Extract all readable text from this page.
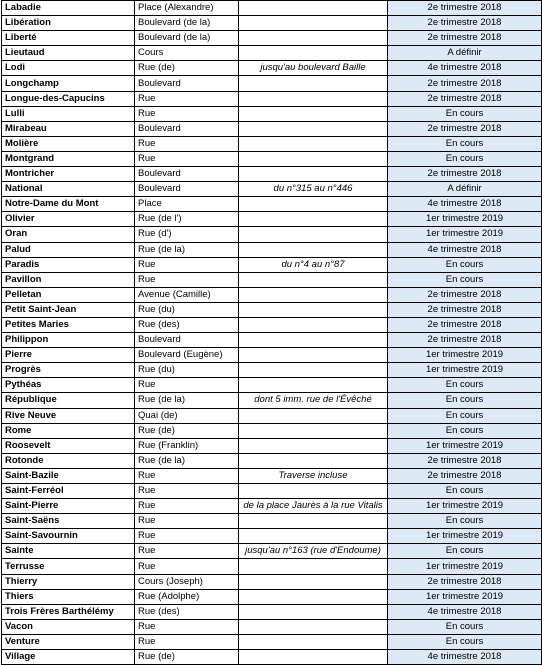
Labadie	Place (Alexandre)		2e trimestre 2018
Libération	Boulevard (de la)		2e trimestre 2018
Liberté	Boulevard (de la)		2e trimestre 2018
Lieutaud	Cours		A définir
Lodi	Rue (de)	jusqu'au boulevard Baille	4e trimestre 2018
Longchamp	Boulevard		2e trimestre 2018
Longue-des-Capucins	Rue		2e trimestre 2018
Lulli	Rue		En cours
Mirabeau	Boulevard		2e trimestre 2018
Molière	Rue		En cours
Montgrand	Rue		En cours
Montricher	Boulevard		2e trimestre 2018
National	Boulevard	du n°315 au n°446	A définir
Notre-Dame du Mont	Place		4e trimestre 2018
Olivier	Rue (de l')		1er trimestre 2019
Oran	Rue (d')		1er trimestre 2019
Palud	Rue (de la)		4e trimestre 2018
Paradis	Rue	du n°4 au n°87	En cours
Pavillon	Rue		En cours
Pelletan	Avenue (Camille)		2e trimestre 2018
Petit Saint-Jean	Rue (du)		2e trimestre 2018
Petites Maries	Rue (des)		2e trimestre 2018
Philippon	Boulevard		2e trimestre 2018
Pierre	Boulevard (Eugène)		1er trimestre 2019
Progrès	Rue (du)		1er trimestre 2019
Pythéas	Rue		En cours
République	Rue (de la)	dont 5 imm. rue de l'Évêché	En cours
Rive Neuve	Quai (de)		En cours
Rome	Rue (de)		En cours
Roosevelt	Rue (Franklin)		1er trimestre 2019
Rotonde	Rue (de la)		2e trimestre 2018
Saint-Bazile	Rue	Traverse incluse	2e trimestre 2018
Saint-Ferréol	Rue		En cours
Saint-Pierre	Rue	de la place Jaurès à la rue Vitalis	1er trimestre 2019
Saint-Saëns	Rue		En cours
Saint-Savournin	Rue		1er trimestre 2019
Sainte	Rue	jusqu'au n°163 (rue d'Endoume)	En cours
Terrusse	Rue		1er trimestre 2019
Thierry	Cours (Joseph)		2e trimestre 2018
Thiers	Rue (Adolphe)		1er trimestre 2019
Trois Frères Barthélémy	Rue (des)		4e trimestre 2018
Vacon	Rue		En cours
Venture	Rue		En cours
Village	Rue (de)		4e trimestre 2018
